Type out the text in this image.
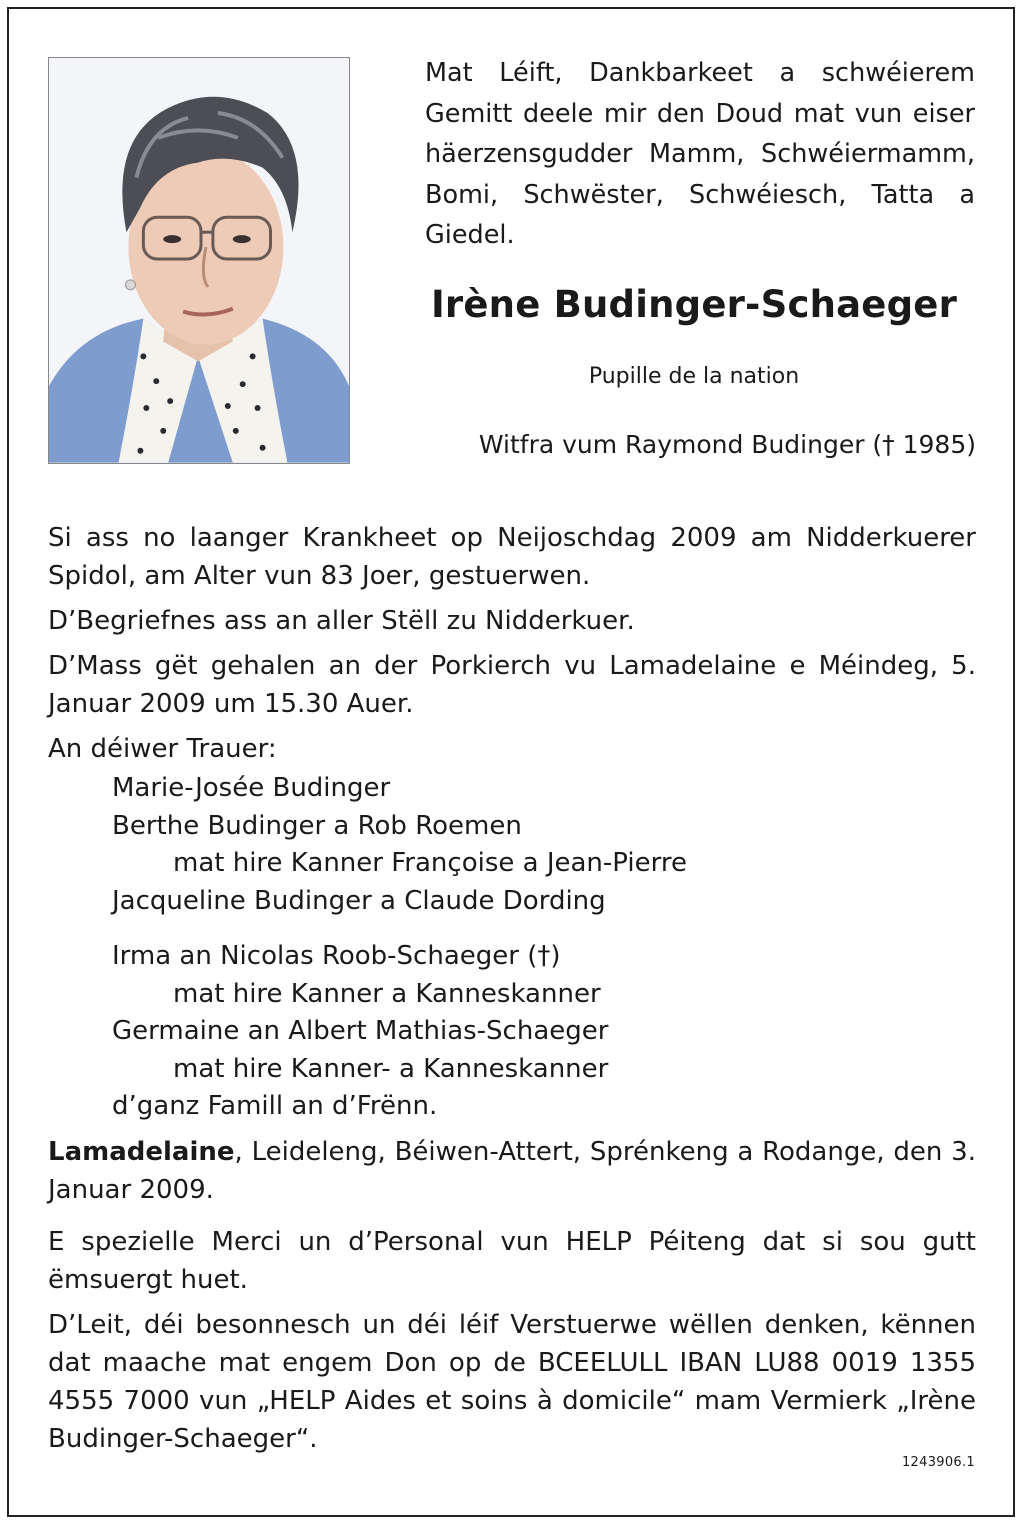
Mat Léift, Dankbarkeet a schwéierem Gemitt deele mir den Doud mat vun eiser häerzensgudder Mamm, Schwéiermamm, Bomi, Schwëster, Schwéiesch, Tatta a Giedel.

Irène Budinger-Schaeger

Pupille de la nation

Witfra vum Raymond Budinger († 1985)

Si ass no laanger Krankheet op Neijoschdag 2009 am Nidderkuerer Spidol, am Alter vun 83 Joer, gestuerwen.

D’Begriefnes ass an aller Stëll zu Nidderkuer.

D’Mass gët gehalen an der Porkierch vu Lamadelaine e Méindeg, 5. Januar 2009 um 15.30 Auer.

An déiwer Trauer:

Marie-Josée Budinger
Berthe Budinger a Rob Roemen
mat hire Kanner Françoise a Jean-Pierre
Jacqueline Budinger a Claude Dording
Irma an Nicolas Roob-Schaeger (†)
mat hire Kanner a Kanneskanner
Germaine an Albert Mathias-Schaeger
mat hire Kanner- a Kanneskanner
d’ganz Famill an d’Frënn.

Lamadelaine, Leideleng, Béiwen-Attert, Sprénkeng a Rodange, den 3. Januar 2009.

E spezielle Merci un d’Personal vun HELP Péiteng dat si sou gutt ëmsuergt huet.

D’Leit, déi besonnesch un déi léif Verstuerwe wëllen denken, kënnen dat maache mat engem Don op de BCEELULL IBAN LU88 0019 1355 4555 7000 vun „HELP Aides et soins à domicile“ mam Vermierk „Irène Budinger-Schaeger“.

1243906.1
